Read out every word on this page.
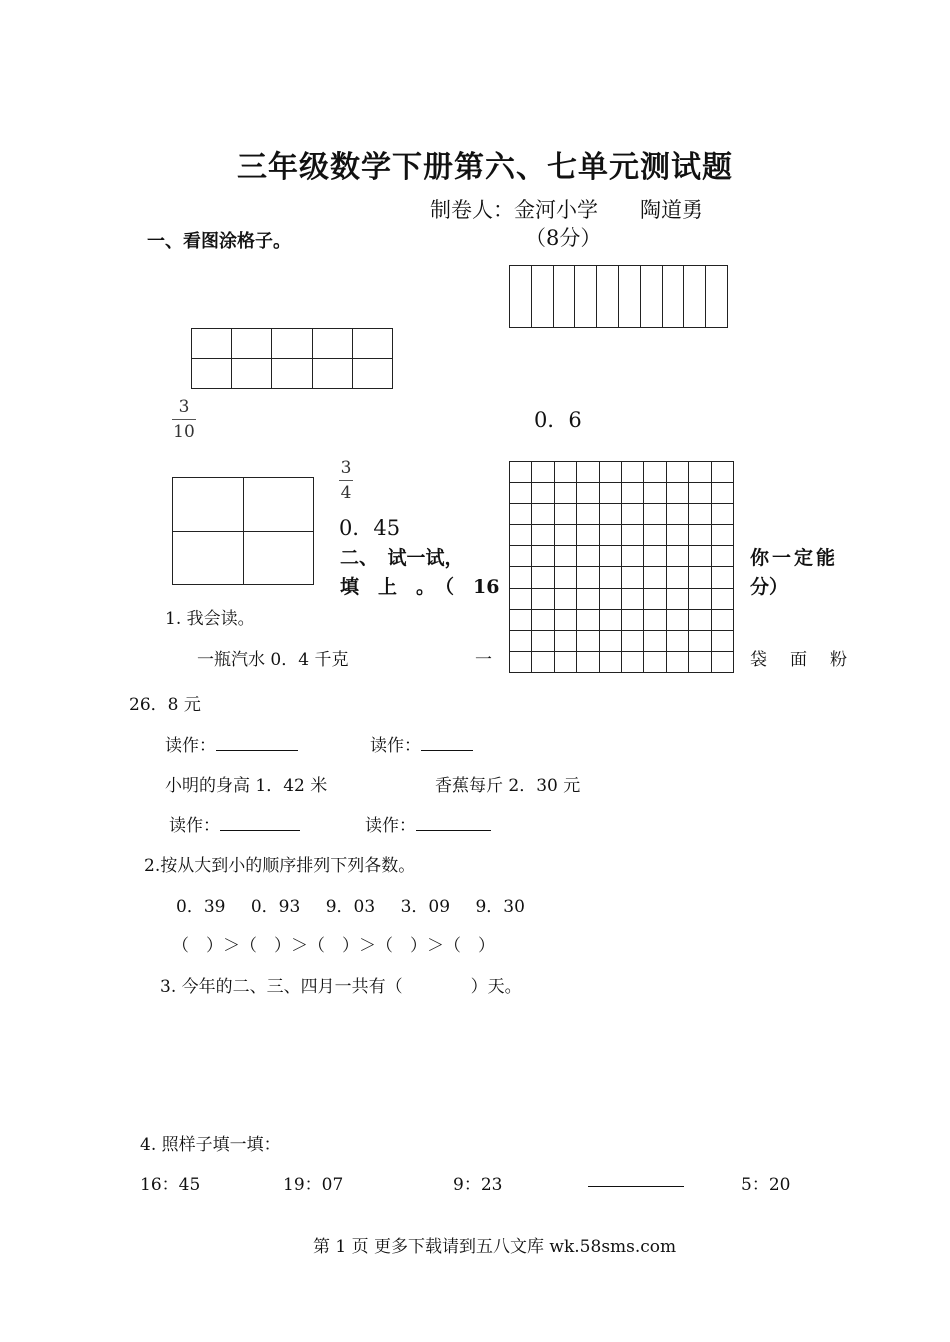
三年级数学下册第六、七单元测试题
制卷人：金河小学　　陶道勇
一、看图涂格子。	（8分）

3
10	0．6

3
4
0．45

二、　试一试，	你一定能
填　上　。　（　16	分）
1. 我会读。
一瓶汽水 0．4 千克	一	袋 面 粉
26．8 元
读作：	读作：
小明的身高 1．42 米	香蕉每斤 2．30 元
读作：	读作：
2.按从大到小的顺序排列下列各数。
0．39 0．93 9．03 3．09 9．30
（　）＞（　）＞（　）＞（　）＞（　）
3. 今年的二、三、四月一共有（　　　　）天。
4. 照样子填一填：
16：45	19：07	9：23	5：20
第 1 页 更多下载请到五八文库 wk.58sms.com
